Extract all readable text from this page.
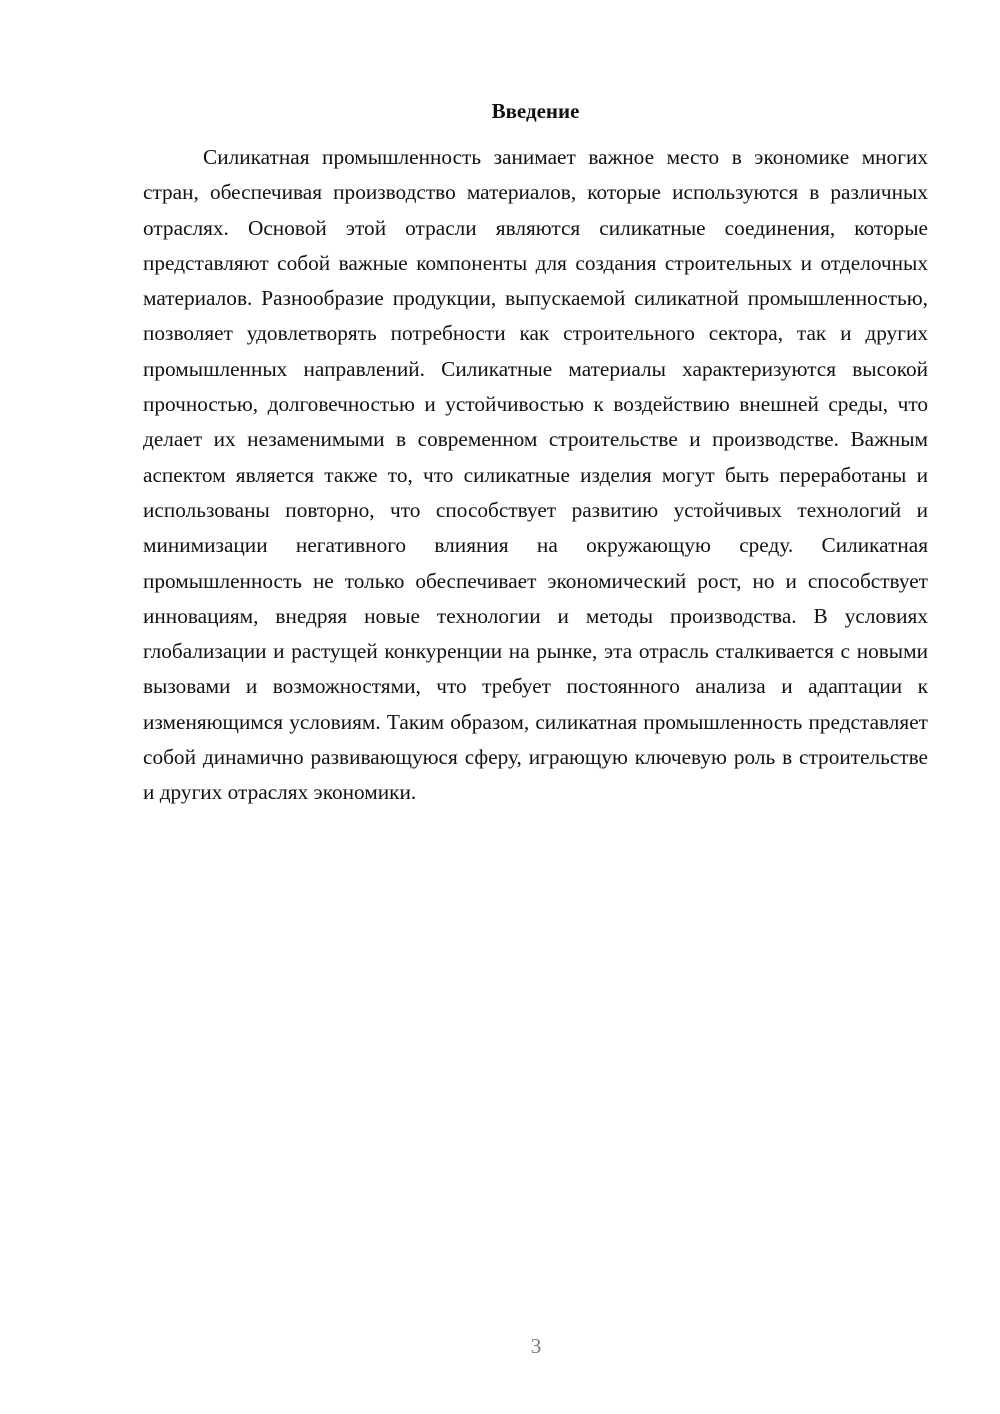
Введение

Силикатная промышленность занимает важное место в экономике многих стран, обеспечивая производство материалов, которые используются в различных отраслях. Основой этой отрасли являются силикатные соединения, которые представляют собой важные компоненты для создания строительных и отделочных материалов. Разнообразие продукции, выпускаемой силикатной промышленностью, позволяет удовлетворять потребности как строительного сектора, так и других промышленных направлений. Силикатные материалы характеризуются высокой прочностью, долговечностью и устойчивостью к воздействию внешней среды, что делает их незаменимыми в современном строительстве и производстве. Важным аспектом является также то, что силикатные изделия могут быть переработаны и использованы повторно, что способствует развитию устойчивых технологий и минимизации негативного влияния на окружающую среду. Силикатная промышленность не только обеспечивает экономический рост, но и способствует инновациям, внедряя новые технологии и методы производства. В условиях глобализации и растущей конкуренции на рынке, эта отрасль сталкивается с новыми вызовами и возможностями, что требует постоянного анализа и адаптации к изменяющимся условиям. Таким образом, силикатная промышленность представляет собой динамично развивающуюся сферу, играющую ключевую роль в строительстве и других отраслях экономики.

3
